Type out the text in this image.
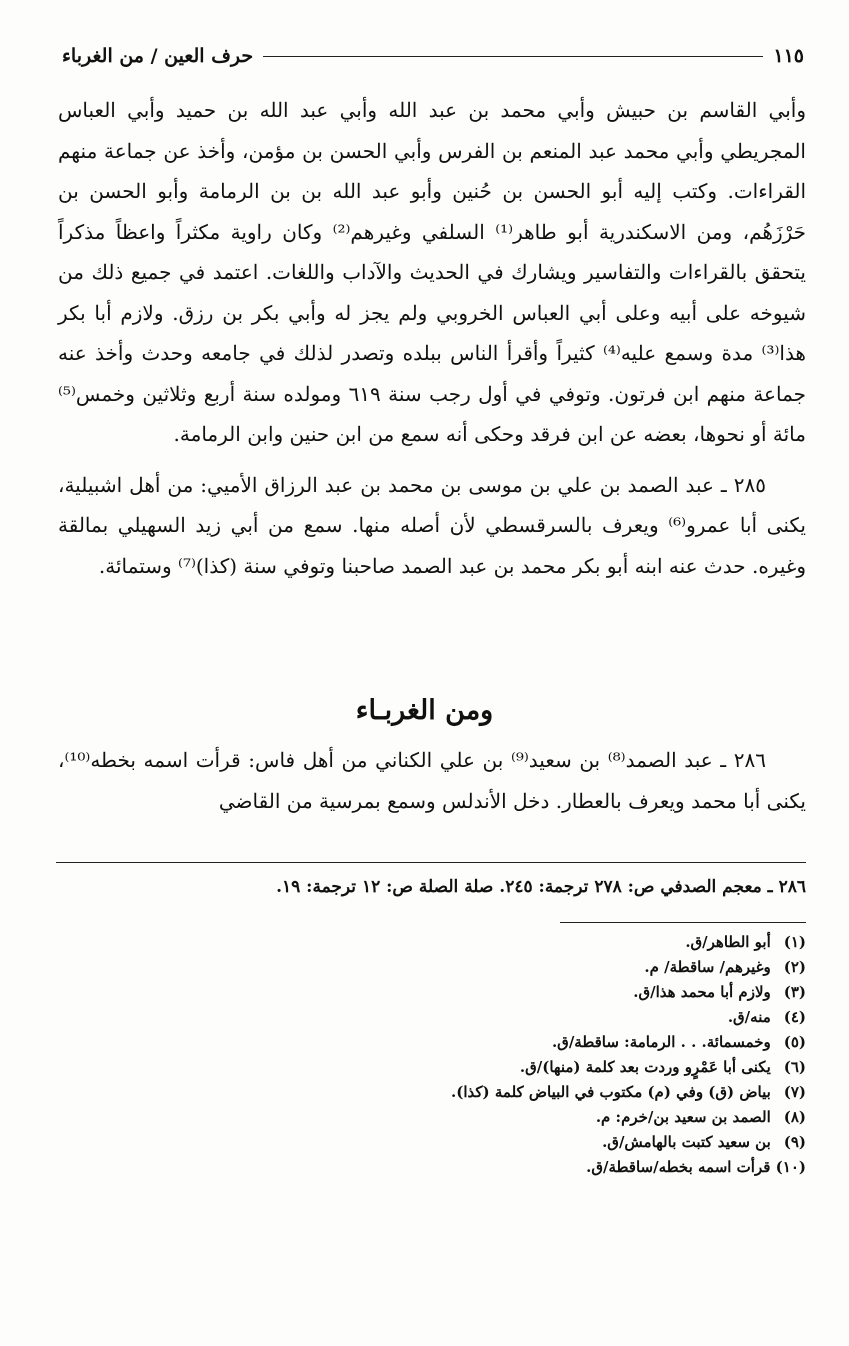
حرف العين / من الغرباء	١١٥

وأبي القاسم بن حبيش وأبي محمد بن عبد الله وأبي عبد الله بن حميد وأبي العباس المجريطي وأبي محمد عبد المنعم بن الفرس وأبي الحسن بن مؤمن، وأخذ عن جماعة منهم القراءات. وكتب إليه أبو الحسن بن حُنين وأبو عبد الله بن بن الرمامة وأبو الحسن بن حَرْزَهُم، ومن الاسكندرية أبو طاهر⁽¹⁾ السلفي وغيرهم⁽²⁾ وكان راوية مكثراً واعظاً مذكراً يتحقق بالقراءات والتفاسير ويشارك في الحديث والآداب واللغات. اعتمد في جميع ذلك من شيوخه على أبيه وعلى أبي العباس الخروبي ولم يجز له وأبي بكر بن رزق. ولازم أبا بكر هذا⁽³⁾ مدة وسمع عليه⁽⁴⁾ كثيراً وأقرأ الناس ببلده وتصدر لذلك في جامعه وحدث وأخذ عنه جماعة منهم ابن فرتون. وتوفي في أول رجب سنة ٦١٩ ومولده سنة أربع وثلاثين وخمس⁽⁵⁾ مائة أو نحوها، بعضه عن ابن فرقد وحكى أنه سمع من ابن حنين وابن الرمامة.

٢٨٥ ـ عبد الصمد بن علي بن موسى بن محمد بن عبد الرزاق الأميي: من أهل اشبيلية، يكنى أبا عمرو⁽⁶⁾ ويعرف بالسرقسطي لأن أصله منها. سمع من أبي زيد السهيلي بمالقة وغيره. حدث عنه ابنه أبو بكر محمد بن عبد الصمد صاحبنا وتوفي سنة (كذا)⁽⁷⁾ وستمائة.

ومن الغربـاء

٢٨٦ ـ عبد الصمد⁽⁸⁾ بن سعيد⁽⁹⁾ بن علي الكناني من أهل فاس: قرأت اسمه بخطه⁽¹⁰⁾، يكنى أبا محمد ويعرف بالعطار. دخل الأندلس وسمع بمرسية من القاضي

٢٨٦ ـ معجم الصدفي ص: ٢٧٨ ترجمة: ٢٤٥. صلة الصلة ص: ١٢ ترجمة: ١٩.
(١) أبو الطاهر/ق.
(٢) وغيرهم/ ساقطة/ م.
(٣) ولازم أبا محمد هذا/ق.
(٤) منه/ق.
(٥) وخمسمائة. . . الرمامة: ساقطة/ق.
(٦) يكنى أبا عَمْرٍو وردت بعد كلمة (منها)/ق.
(٧) بياض (ق) وفي (م) مكتوب في البياض كلمة (كذا).
(٨) الصمد بن سعيد بن/خرم: م.
(٩) بن سعيد كتبت بالهامش/ق.
(١٠) قرأت اسمه بخطه/ساقطة/ق.
